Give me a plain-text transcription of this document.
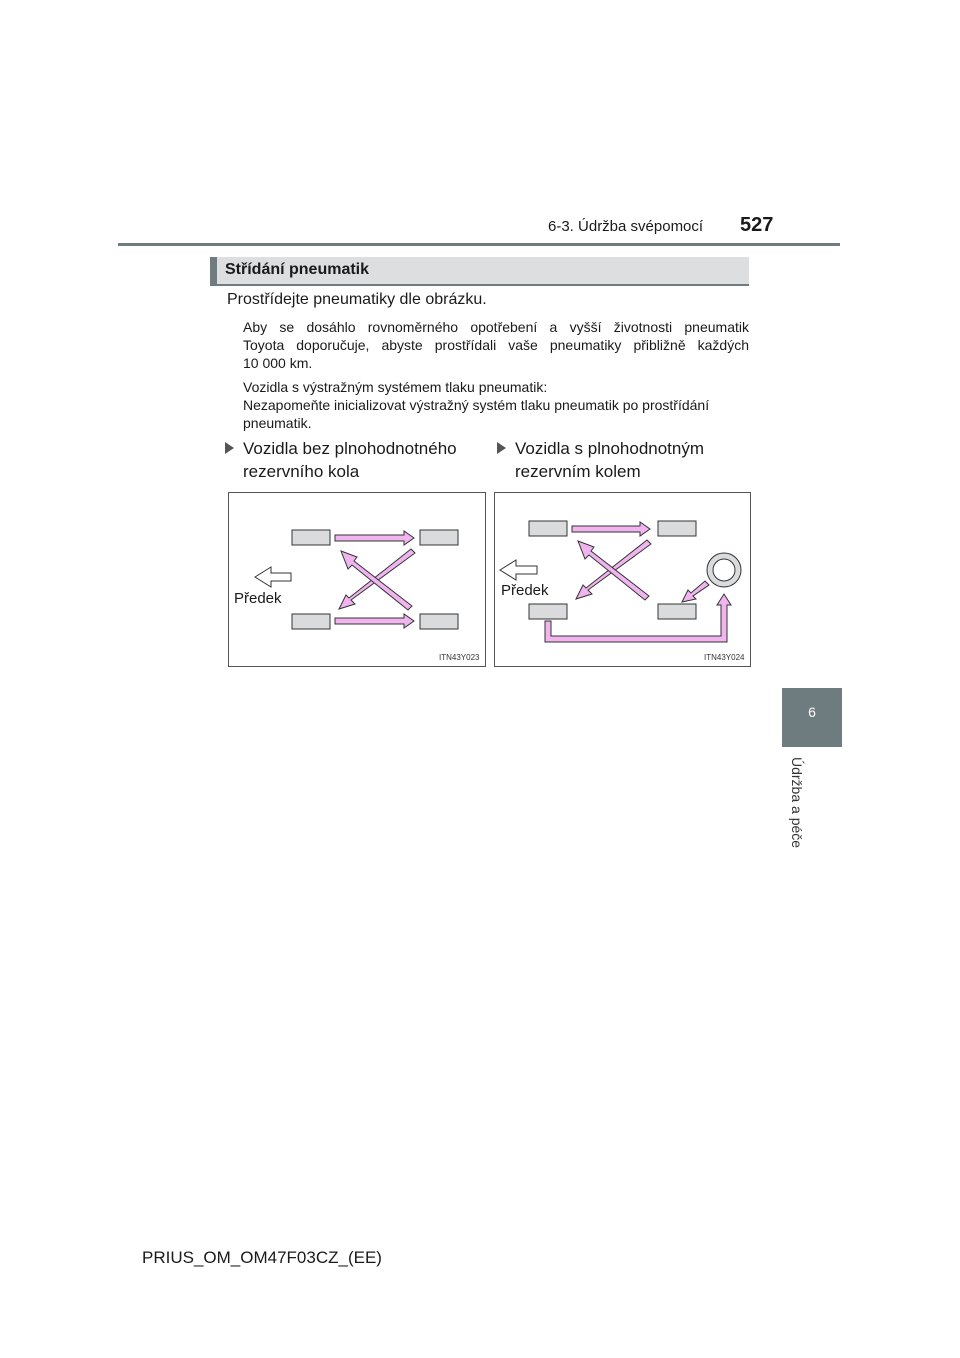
6-3. Údržba svépomocí 527
6
Údržba a péče
Střídání pneumatik
Prostřídejte pneumatiky dle obrázku.
Aby se dosáhlo rovnoměrného opotřebení a vyšší životnosti pneumatik
Toyota doporučuje, abyste prostřídali vaše pneumatiky přibližně každých
10 000 km.
Vozidla s výstražným systémem tlaku pneumatik:
Nezapomeňte inicializovat výstražný systém tlaku pneumatik po prostřídání
pneumatik.
Vozidla bez plnohodnotného
rezervního kola
Vozidla s plnohodnotným
rezervním kolem
Předek
ITN43Y023
Předek
ITN43Y024
PRIUS_OM_OM47F03CZ_(EE)
